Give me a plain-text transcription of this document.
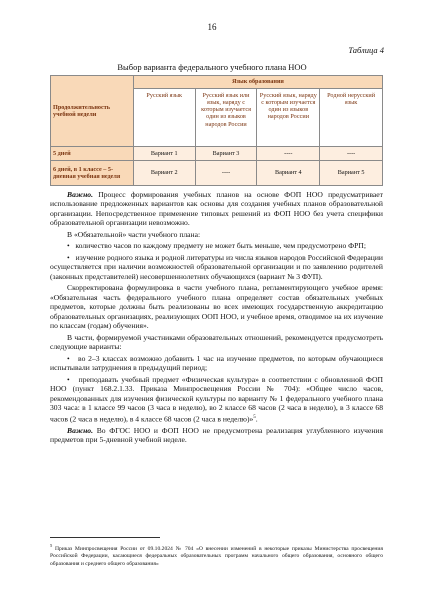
16
Таблица 4
Выбор варианта федерального учебного плана НОО
Продолжительность учебной недели	Язык образования			
	Русский язык	Русский язык или язык, наряду с которым изучается один из языков народов России	Русский язык, наряду с которым изучается один из языков народов России	Родной нерусский язык
5 дней	Вариант 1	Вариант 3	----	----
6 дней, в 1 классе – 5-дневная учебная неделя	Вариант 2	----	Вариант 4	Вариант 5

Важно. Процесс формирования учебных планов на основе ФОП НОО предусматривает использование предложенных вариантов как основы для создания учебных планов образовательной организации. Непосредственное применение типовых решений из ФОП НОО без учета специфики образовательной организации невозможно.

В «Обязательной» части учебного плана:

•   количество часов по каждому предмету не может быть меньше, чем предусмотрено ФРП;

•   изучение родного языка и родной литературы из числа языков народов Российской Федерации осуществляется при наличии возможностей образовательной организации и по заявлению родителей (законных представителей) несовершеннолетних обучающихся (вариант № 3 ФУП).

Скорректирована формулировка в части учебного плана, регламентирующего учебное время: «Обязательная часть федерального учебного плана определяет состав обязательных учебных предметов, которые должны быть реализованы во всех имеющих государственную аккредитацию образовательных организациях, реализующих ООП НОО, и учебное время, отводимое на их изучение по классам (годам) обучения».

В части, формируемой участниками образовательных отношений, рекомендуется предусмотреть следующие варианты:

•   во 2–3 классах возможно добавить 1 час на изучение предметов, по которым обучающиеся испытывали затруднения в предыдущий период;

•   преподавать учебный предмет «Физическая культура» в соответствии с обновленной ФОП НОО (пункт 168.2.1.33. Приказа Минпросвещения России № 704): «Общее число часов, рекомендованных для изучения физической культуры по варианту № 1 федерального учебного плана 303 часа: в 1 классе 99 часов (3 часа в неделю), во 2 классе 68 часов (2 часа в неделю), в 3 классе 68 часов (2 часа в неделю), в 4 классе 68 часов (2 часа в неделю)»$^5$.

Важно. Во ФГОС НОО и ФОП НОО не предусмотрена реализация углубленного изучения предметов при 5-дневной учебной неделе.

$^5$ Приказ Минпросвещения России от 09.10.2024 № 704 «О внесении изменений в некоторые приказы Министерства просвещения Российской Федерации, касающиеся федеральных образовательных программ начального общего образования, основного общего образования и среднего общего образования»
